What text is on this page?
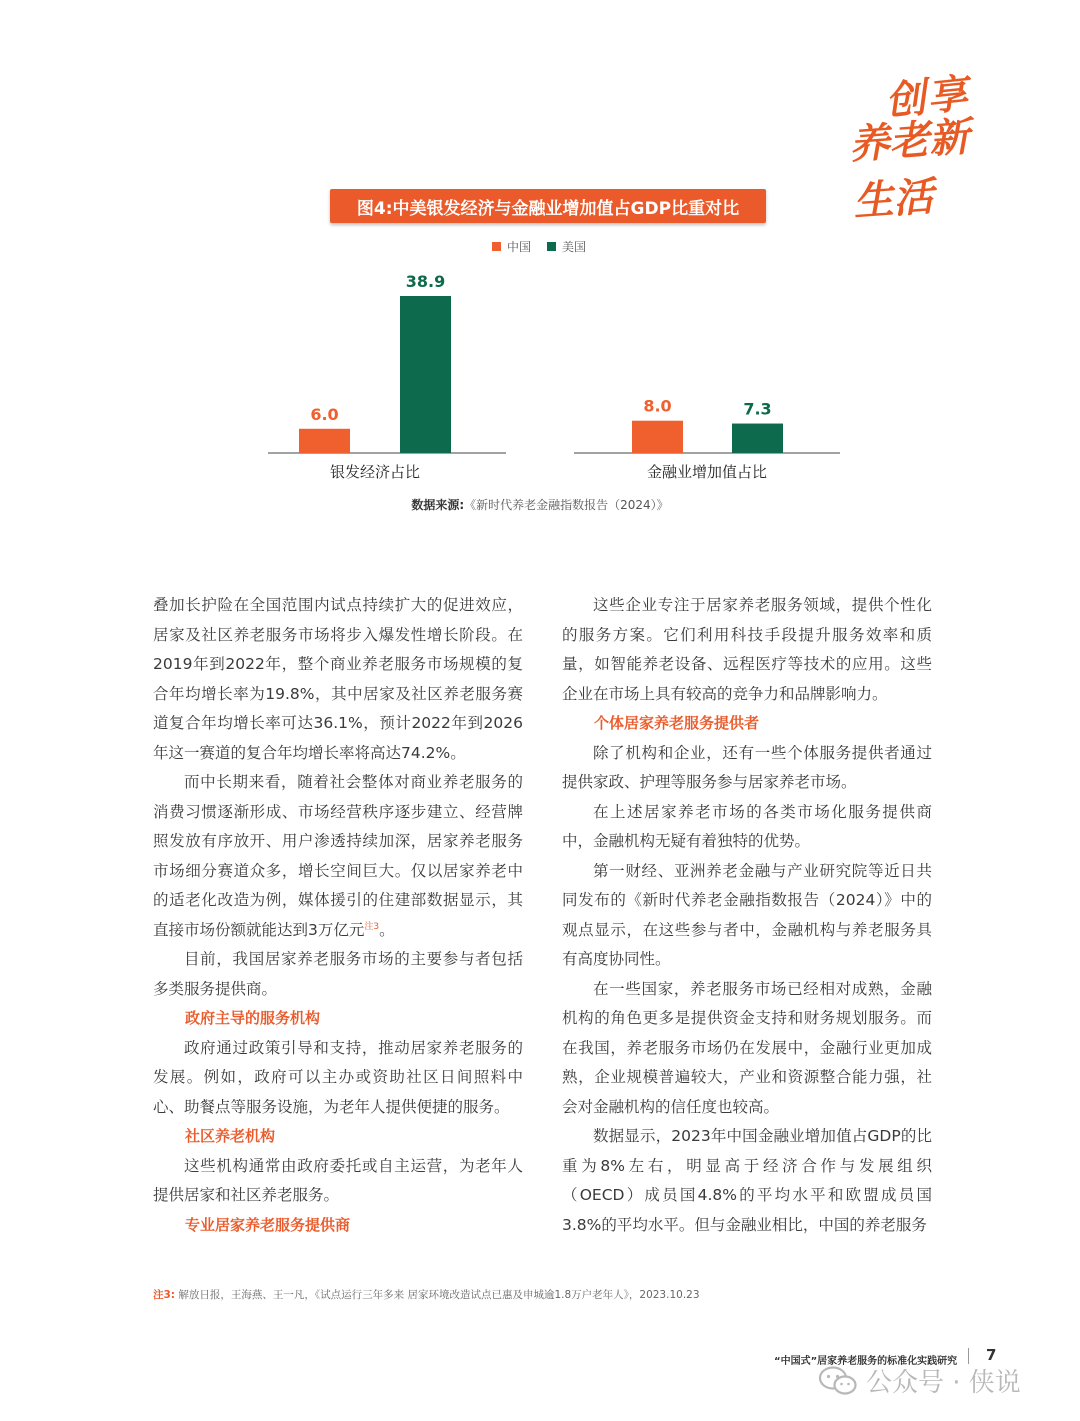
创享
养老新生活
图4:中美银发经济与金融业增加值占GDP比重对比
中国	美国
银发经济占比
6.0
38.9
金融业增加值占比
8.0	7.3
数据来源:《新时代养老金融指数报告（2024）》

叠加长护险在全国范围内试点持续扩大的促进效应，居家及社区养老服务市场将步入爆发性增长阶段。在2019年到2022年，整个商业养老服务市场规模的复合年均增长率为19.8%，其中居家及社区养老服务赛道复合年均增长率可达36.1%，预计2022年到2026年这一赛道的复合年均增长率将高达74.2%。

而中长期来看，随着社会整体对商业养老服务的消费习惯逐渐形成、市场经营秩序逐步建立、经营牌照发放有序放开、用户渗透持续加深，居家养老服务市场细分赛道众多，增长空间巨大。仅以居家养老中的适老化改造为例，媒体援引的住建部数据显示，其直接市场份额就能达到3万亿元$^{注3}$。

目前，我国居家养老服务市场的主要参与者包括多类服务提供商。

政府主导的服务机构

政府通过政策引导和支持，推动居家养老服务的发展。例如，政府可以主办或资助社区日间照料中心、助餐点等服务设施，为老年人提供便捷的服务。

社区养老机构

这些机构通常由政府委托或自主运营，为老年人提供居家和社区养老服务。

专业居家养老服务提供商

这些企业专注于居家养老服务领域，提供个性化的服务方案。它们利用科技手段提升服务效率和质量，如智能养老设备、远程医疗等技术的应用。这些企业在市场上具有较高的竞争力和品牌影响力。

个体居家养老服务提供者

除了机构和企业，还有一些个体服务提供者通过提供家政、护理等服务参与居家养老市场。

在上述居家养老市场的各类市场化服务提供商中，金融机构无疑有着独特的优势。

第一财经、亚洲养老金融与产业研究院等近日共同发布的《新时代养老金融指数报告（2024）》中的观点显示，在这些参与者中，金融机构与养老服务具有高度协同性。

在一些国家，养老服务市场已经相对成熟，金融机构的角色更多是提供资金支持和财务规划服务。而在我国，养老服务市场仍在发展中，金融行业更加成熟，企业规模普遍较大，产业和资源整合能力强，社会对金融机构的信任度也较高。

数据显示，2023年中国金融业增加值占GDP的比重为8%左右，明显高于经济合作与发展组织（OECD）成员国4.8%的平均水平和欧盟成员国3.8%的平均水平。但与金融业相比，中国的养老服务

注3: 解放日报，王海燕、王一凡，《试点运行三年多来 居家环境改造试点已惠及申城逾1.8万户老年人》，2023.10.23
“中国式”居家养老服务的标准化实践研究 7
公众号 · 侠说
